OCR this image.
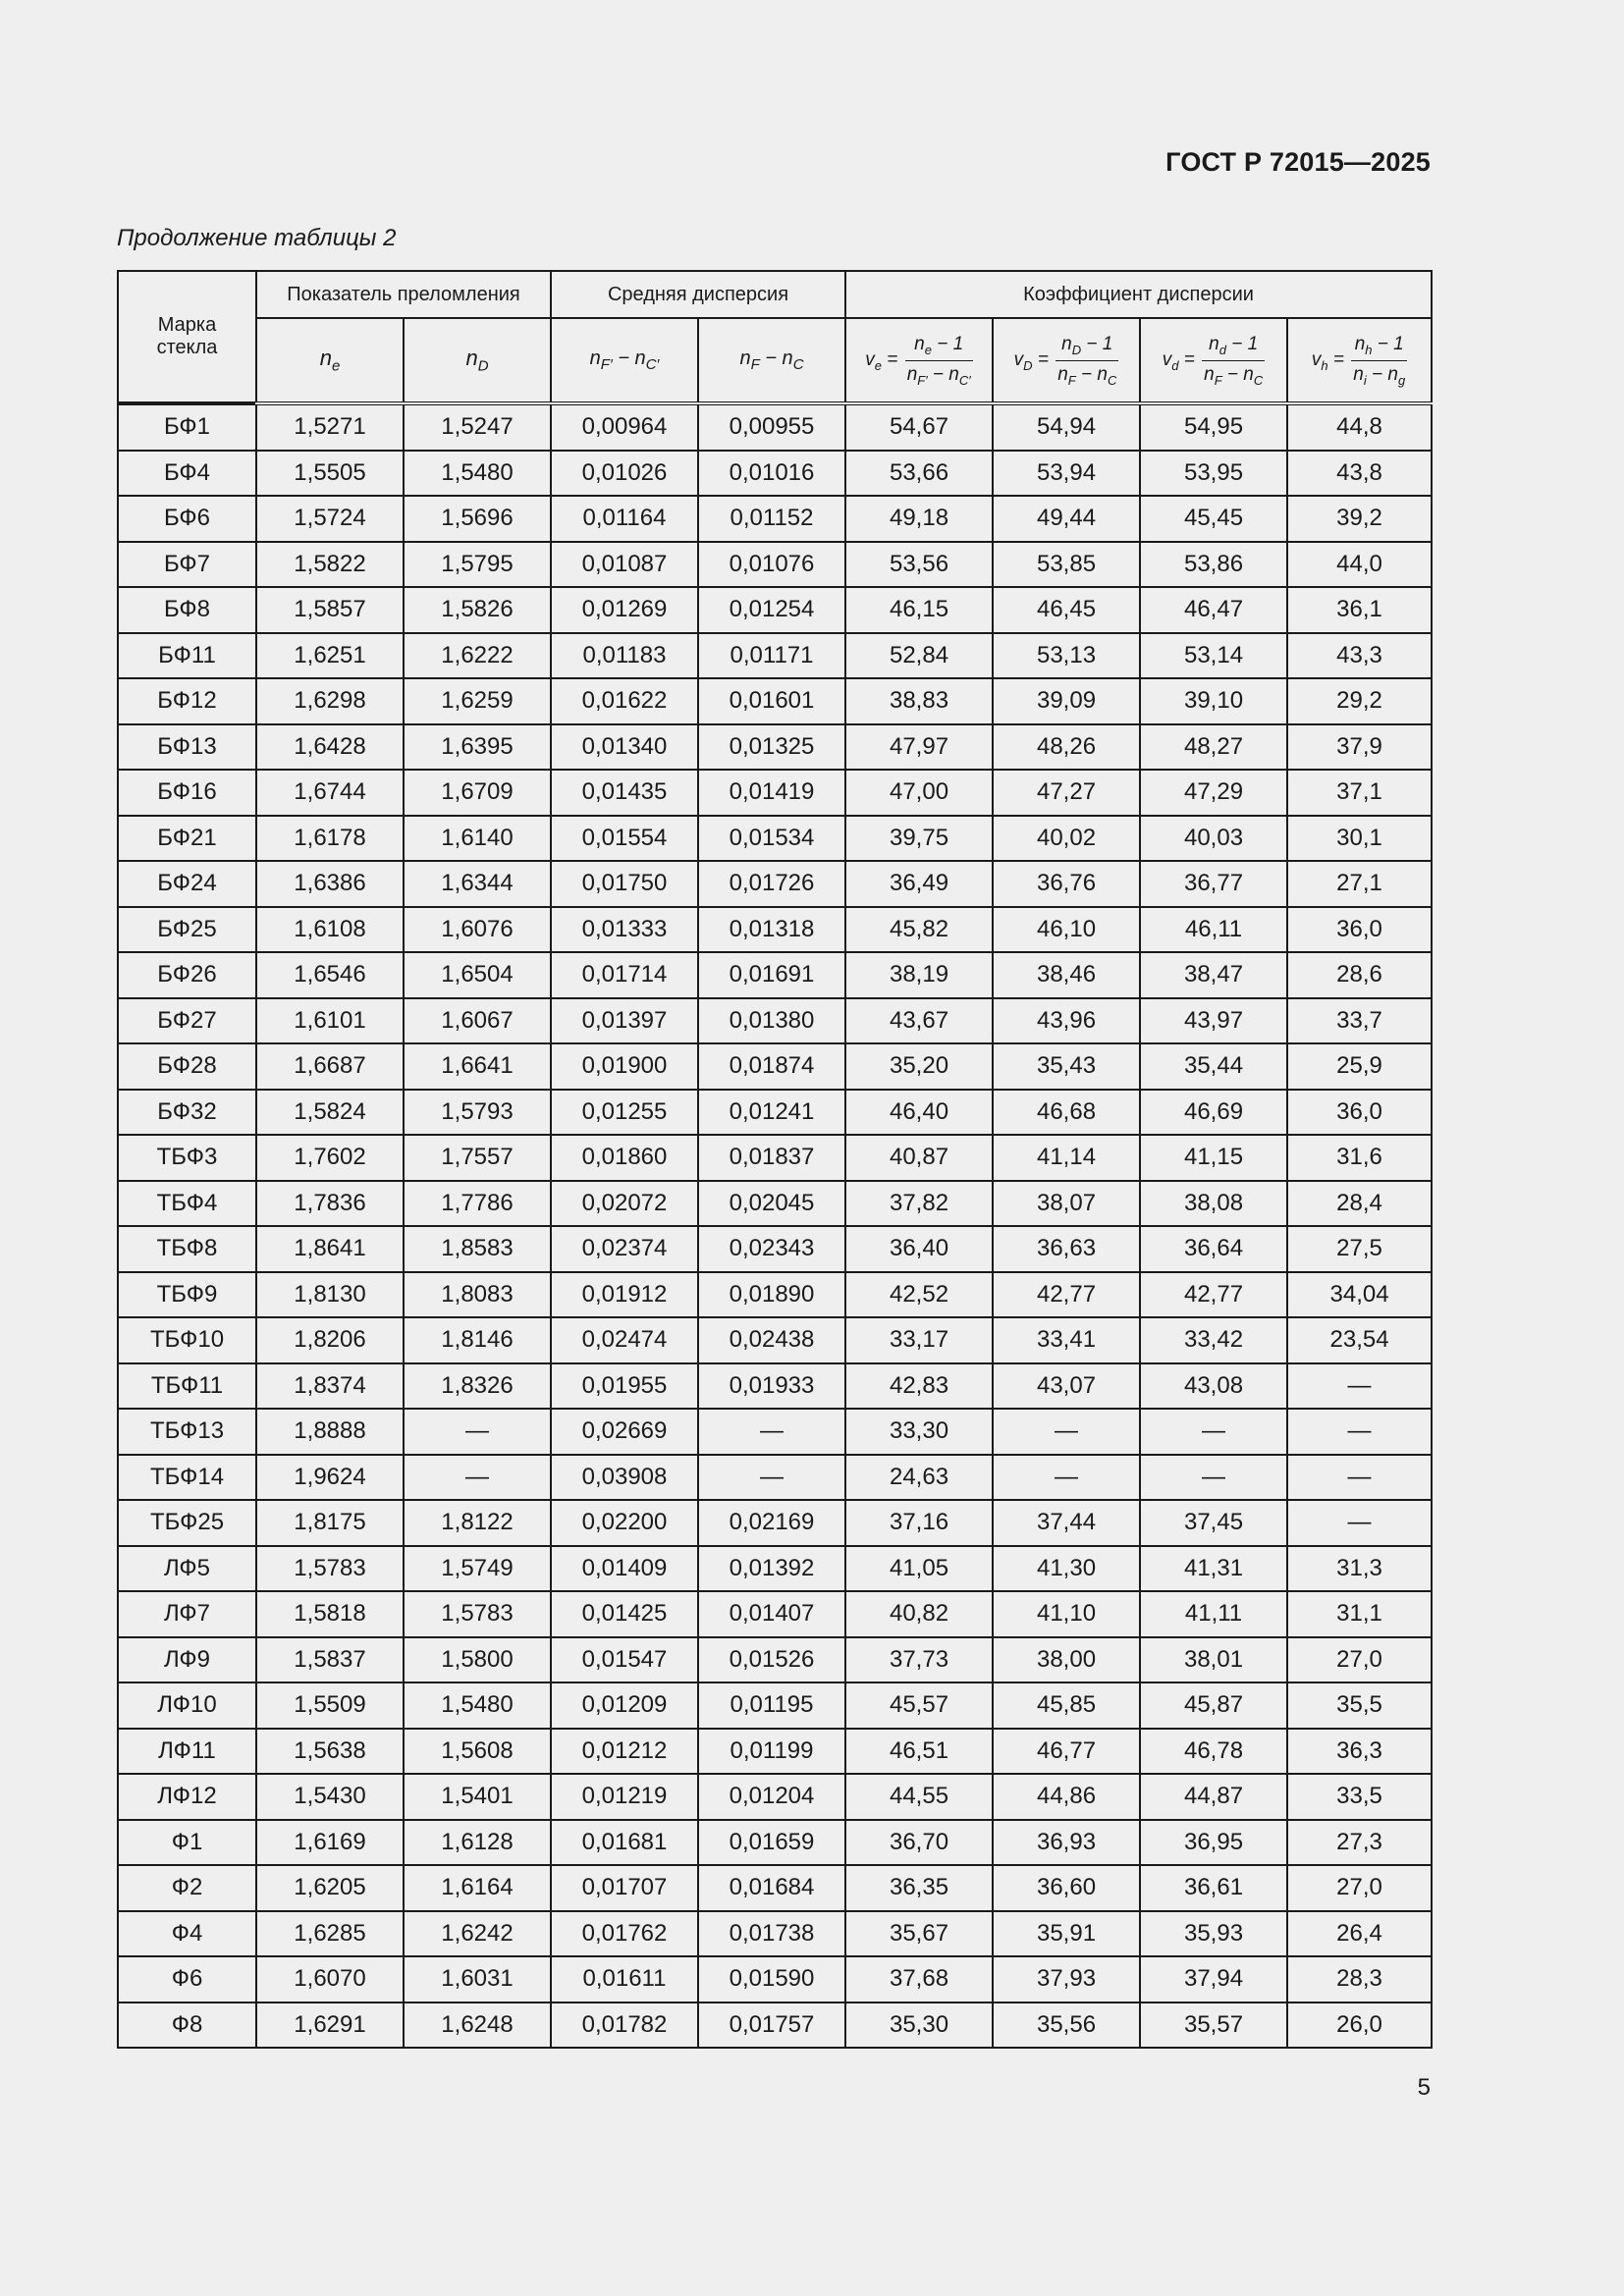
ГОСТ Р 72015—2025
Продолжение таблицы 2
Марка стекла	Показатель преломления		Средняя дисперсия		Коэффициент дисперсии			
	$n_e$	$n_D$	$n_{F'} - n_{C'}$	$n_F - n_C$	$v_e = \frac{n_e - 1}{n_{F'} - n_{C'}}$	$v_D = \frac{n_D - 1}{n_F - n_C}$	$v_d = \frac{n_d - 1}{n_F - n_C}$	$v_h = \frac{n_h - 1}{n_i - n_g}$

БФ1	1,5271	1,5247	0,00964	0,00955	54,67	54,94	54,95	44,8
БФ4	1,5505	1,5480	0,01026	0,01016	53,66	53,94	53,95	43,8
БФ6	1,5724	1,5696	0,01164	0,01152	49,18	49,44	45,45	39,2
БФ7	1,5822	1,5795	0,01087	0,01076	53,56	53,85	53,86	44,0
БФ8	1,5857	1,5826	0,01269	0,01254	46,15	46,45	46,47	36,1
БФ11	1,6251	1,6222	0,01183	0,01171	52,84	53,13	53,14	43,3
БФ12	1,6298	1,6259	0,01622	0,01601	38,83	39,09	39,10	29,2
БФ13	1,6428	1,6395	0,01340	0,01325	47,97	48,26	48,27	37,9
БФ16	1,6744	1,6709	0,01435	0,01419	47,00	47,27	47,29	37,1
БФ21	1,6178	1,6140	0,01554	0,01534	39,75	40,02	40,03	30,1
БФ24	1,6386	1,6344	0,01750	0,01726	36,49	36,76	36,77	27,1
БФ25	1,6108	1,6076	0,01333	0,01318	45,82	46,10	46,11	36,0
БФ26	1,6546	1,6504	0,01714	0,01691	38,19	38,46	38,47	28,6
БФ27	1,6101	1,6067	0,01397	0,01380	43,67	43,96	43,97	33,7
БФ28	1,6687	1,6641	0,01900	0,01874	35,20	35,43	35,44	25,9
БФ32	1,5824	1,5793	0,01255	0,01241	46,40	46,68	46,69	36,0
ТБФ3	1,7602	1,7557	0,01860	0,01837	40,87	41,14	41,15	31,6
ТБФ4	1,7836	1,7786	0,02072	0,02045	37,82	38,07	38,08	28,4
ТБФ8	1,8641	1,8583	0,02374	0,02343	36,40	36,63	36,64	27,5
ТБФ9	1,8130	1,8083	0,01912	0,01890	42,52	42,77	42,77	34,04
ТБФ10	1,8206	1,8146	0,02474	0,02438	33,17	33,41	33,42	23,54
ТБФ11	1,8374	1,8326	0,01955	0,01933	42,83	43,07	43,08	—
ТБФ13	1,8888	—	0,02669	—	33,30	—	—	—
ТБФ14	1,9624	—	0,03908	—	24,63	—	—	—
ТБФ25	1,8175	1,8122	0,02200	0,02169	37,16	37,44	37,45	—
ЛФ5	1,5783	1,5749	0,01409	0,01392	41,05	41,30	41,31	31,3
ЛФ7	1,5818	1,5783	0,01425	0,01407	40,82	41,10	41,11	31,1
ЛФ9	1,5837	1,5800	0,01547	0,01526	37,73	38,00	38,01	27,0
ЛФ10	1,5509	1,5480	0,01209	0,01195	45,57	45,85	45,87	35,5
ЛФ11	1,5638	1,5608	0,01212	0,01199	46,51	46,77	46,78	36,3
ЛФ12	1,5430	1,5401	0,01219	0,01204	44,55	44,86	44,87	33,5
Ф1	1,6169	1,6128	0,01681	0,01659	36,70	36,93	36,95	27,3
Ф2	1,6205	1,6164	0,01707	0,01684	36,35	36,60	36,61	27,0
Ф4	1,6285	1,6242	0,01762	0,01738	35,67	35,91	35,93	26,4
Ф6	1,6070	1,6031	0,01611	0,01590	37,68	37,93	37,94	28,3
Ф8	1,6291	1,6248	0,01782	0,01757	35,30	35,56	35,57	26,0
5
